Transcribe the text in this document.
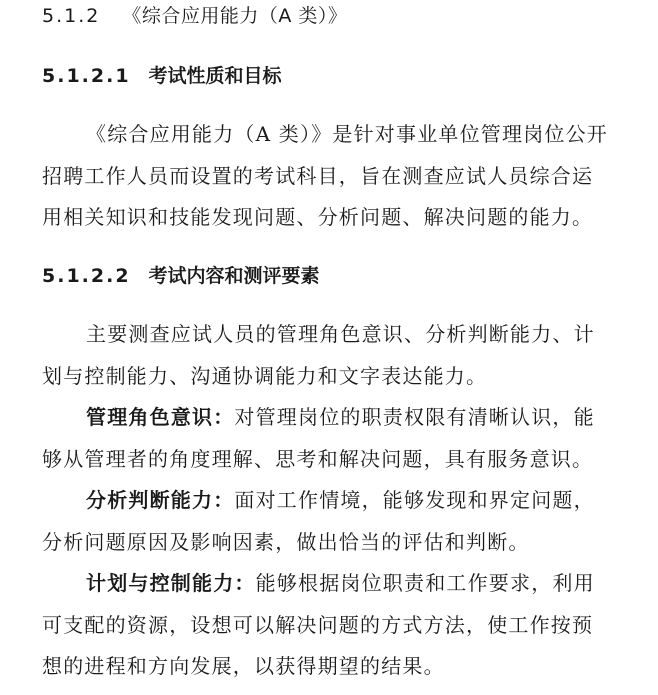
5.1.2 《综合应用能力（A 类）》
5.1.2.1 考试性质和目标
《综合应用能力（A 类）》是针对事业单位管理岗位公开
招聘工作人员而设置的考试科目，旨在测查应试人员综合运
用相关知识和技能发现问题、分析问题、解决问题的能力。
5.1.2.2 考试内容和测评要素
主要测查应试人员的管理角色意识、分析判断能力、计
划与控制能力、沟通协调能力和文字表达能力。
管理角色意识：对管理岗位的职责权限有清晰认识，能
够从管理者的角度理解、思考和解决问题，具有服务意识。
分析判断能力：面对工作情境，能够发现和界定问题，
分析问题原因及影响因素，做出恰当的评估和判断。
计划与控制能力：能够根据岗位职责和工作要求，利用
可支配的资源，设想可以解决问题的方式方法，使工作按预
想的进程和方向发展，以获得期望的结果。
